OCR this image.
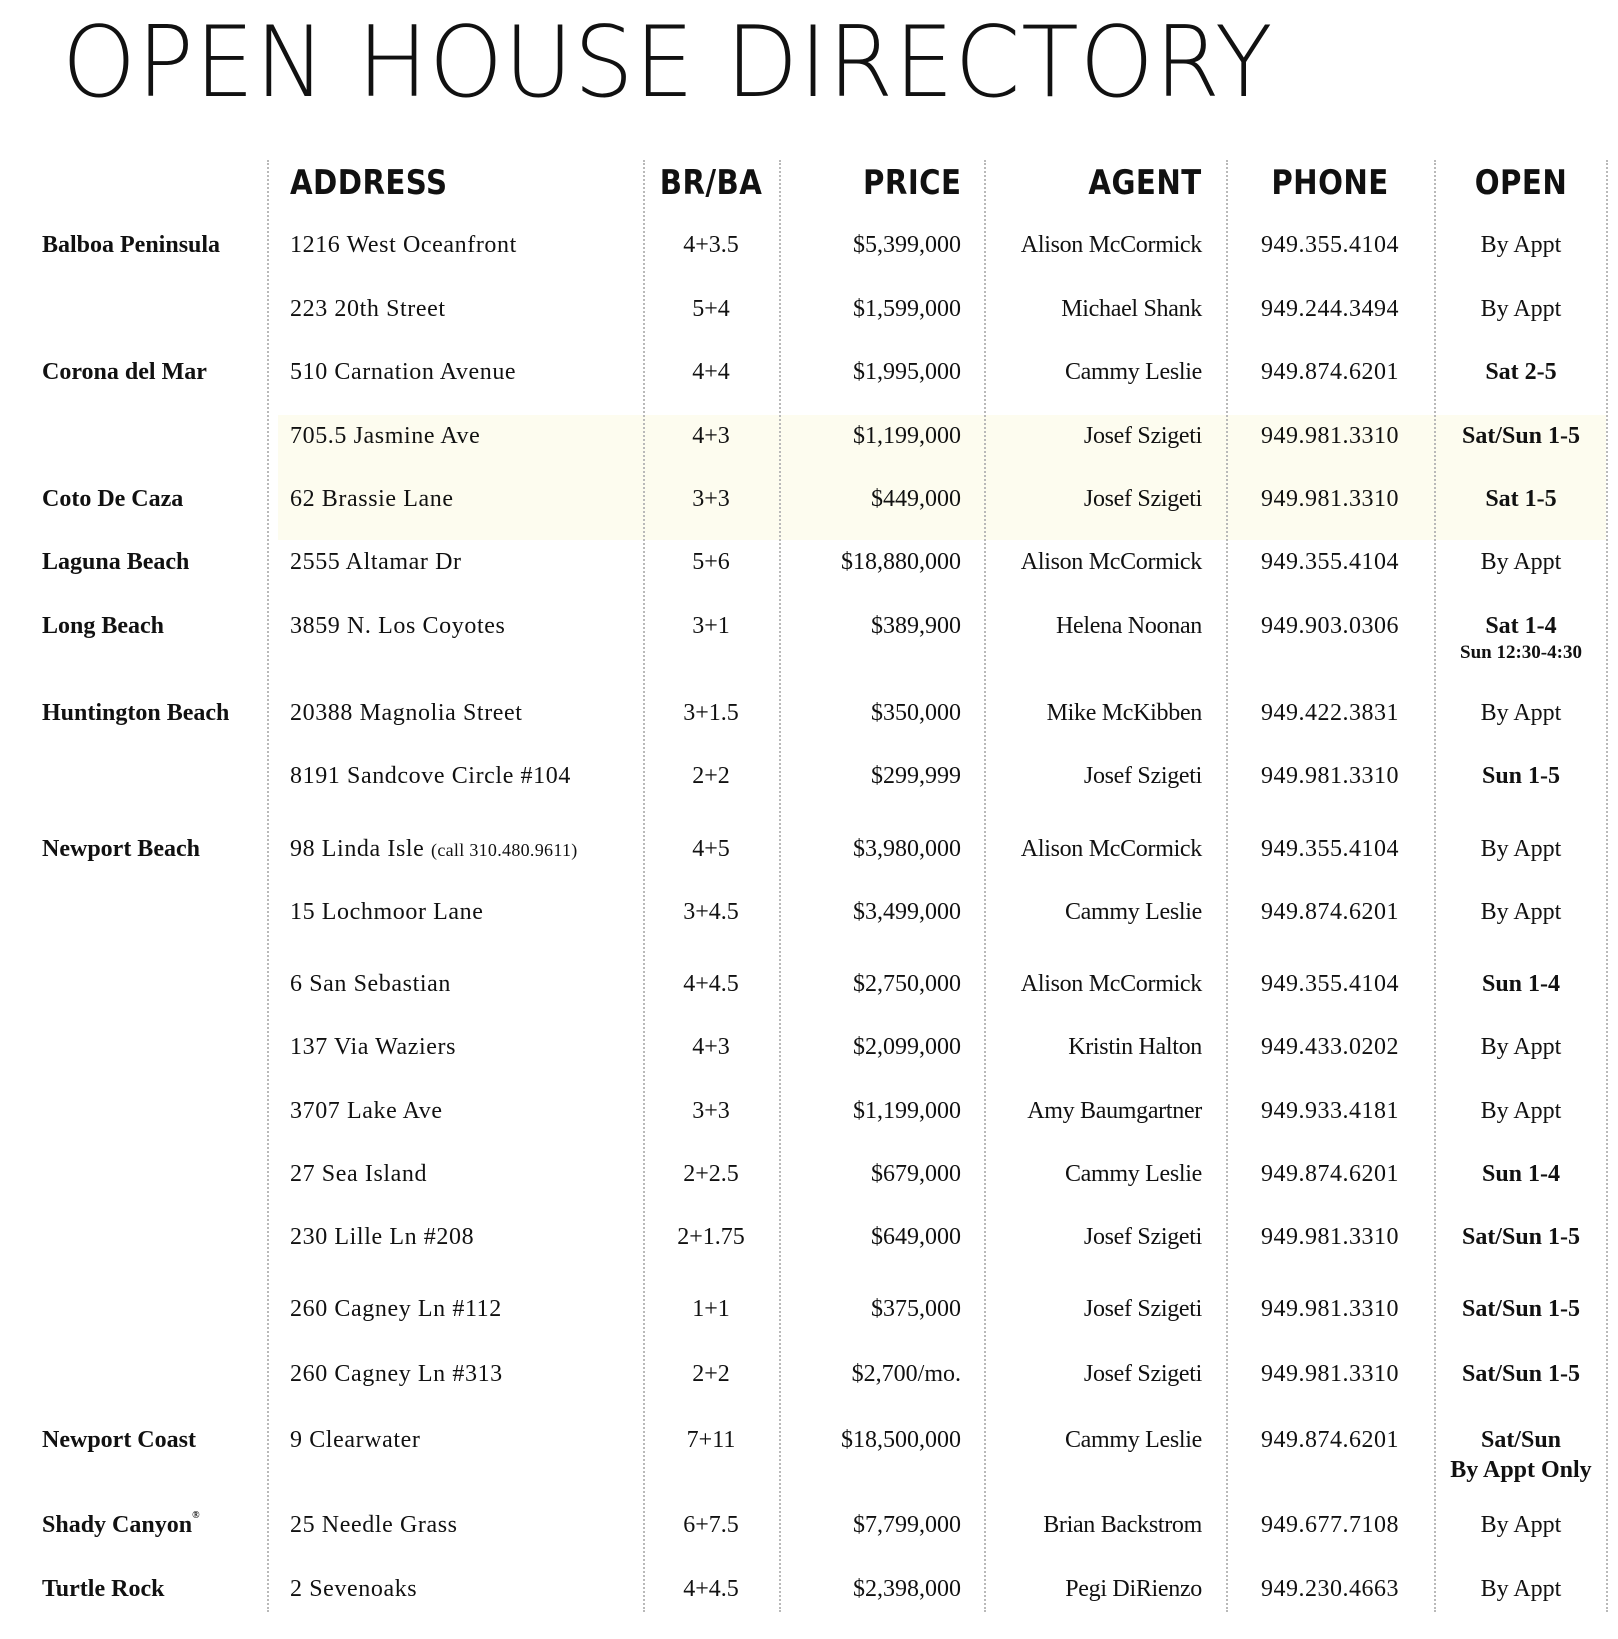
OPEN HOUSE DIRECTORY
ADDRESS	BR/BA	PRICE	AGENT	PHONE	OPEN
Balboa Peninsula	1216 West Oceanfront	4+3.5	$5,399,000 Alison McCormick	949.355.4104	By Appt
223 20th Street	5+4	$1,599,000	Michael Shank	949.244.3494	By Appt
Corona del Mar	510 Carnation Avenue	4+4	$1,995,000	Cammy Leslie	949.874.6201	Sat 2-5
705.5 Jasmine Ave	4+3	$1,199,000	Josef Szigeti	949.981.3310	Sat/Sun 1-5
Coto De Caza	62 Brassie Lane	3+3	$449,000	Josef Szigeti	949.981.3310	Sat 1-5
Laguna Beach	2555 Altamar Dr	5+6	$18,880,000 Alison McCormick	949.355.4104	By Appt
Long Beach	3859 N. Los Coyotes	3+1	$389,900	Helena Noonan	949.903.0306	Sat 1-4
Sun 12:30-4:30
Huntington Beach	20388 Magnolia Street	3+1.5	$350,000	Mike McKibben	949.422.3831	By Appt
8191 Sandcove Circle #104	2+2	$299,999	Josef Szigeti	949.981.3310	Sun 1-5
Newport Beach	98 Linda Isle (call 310.480.9611)	4+5	$3,980,000 Alison McCormick	949.355.4104	By Appt
15 Lochmoor Lane	3+4.5	$3,499,000	Cammy Leslie	949.874.6201	By Appt
6 San Sebastian	4+4.5	$2,750,000 Alison McCormick	949.355.4104	Sun 1-4
137 Via Waziers	4+3	$2,099,000	Kristin Halton	949.433.0202	By Appt
3707 Lake Ave	3+3	$1,199,000	Amy Baumgartner	949.933.4181	By Appt
27 Sea Island	2+2.5	$679,000	Cammy Leslie	949.874.6201	Sun 1-4
230 Lille Ln #208	2+1.75	$649,000	Josef Szigeti	949.981.3310	Sat/Sun 1-5
260 Cagney Ln #112	1+1	$375,000	Josef Szigeti	949.981.3310	Sat/Sun 1-5
260 Cagney Ln #313	2+2	$2,700/mo.	Josef Szigeti	949.981.3310	Sat/Sun 1-5
Newport Coast	9 Clearwater	7+11	$18,500,000	Cammy Leslie	949.874.6201	Sat/Sun
By Appt Only
Shady Canyon®	25 Needle Grass	6+7.5	$7,799,000	Brian Backstrom	949.677.7108	By Appt
Turtle Rock	2 Sevenoaks	4+4.5	$2,398,000	Pegi DiRienzo	949.230.4663	By Appt
